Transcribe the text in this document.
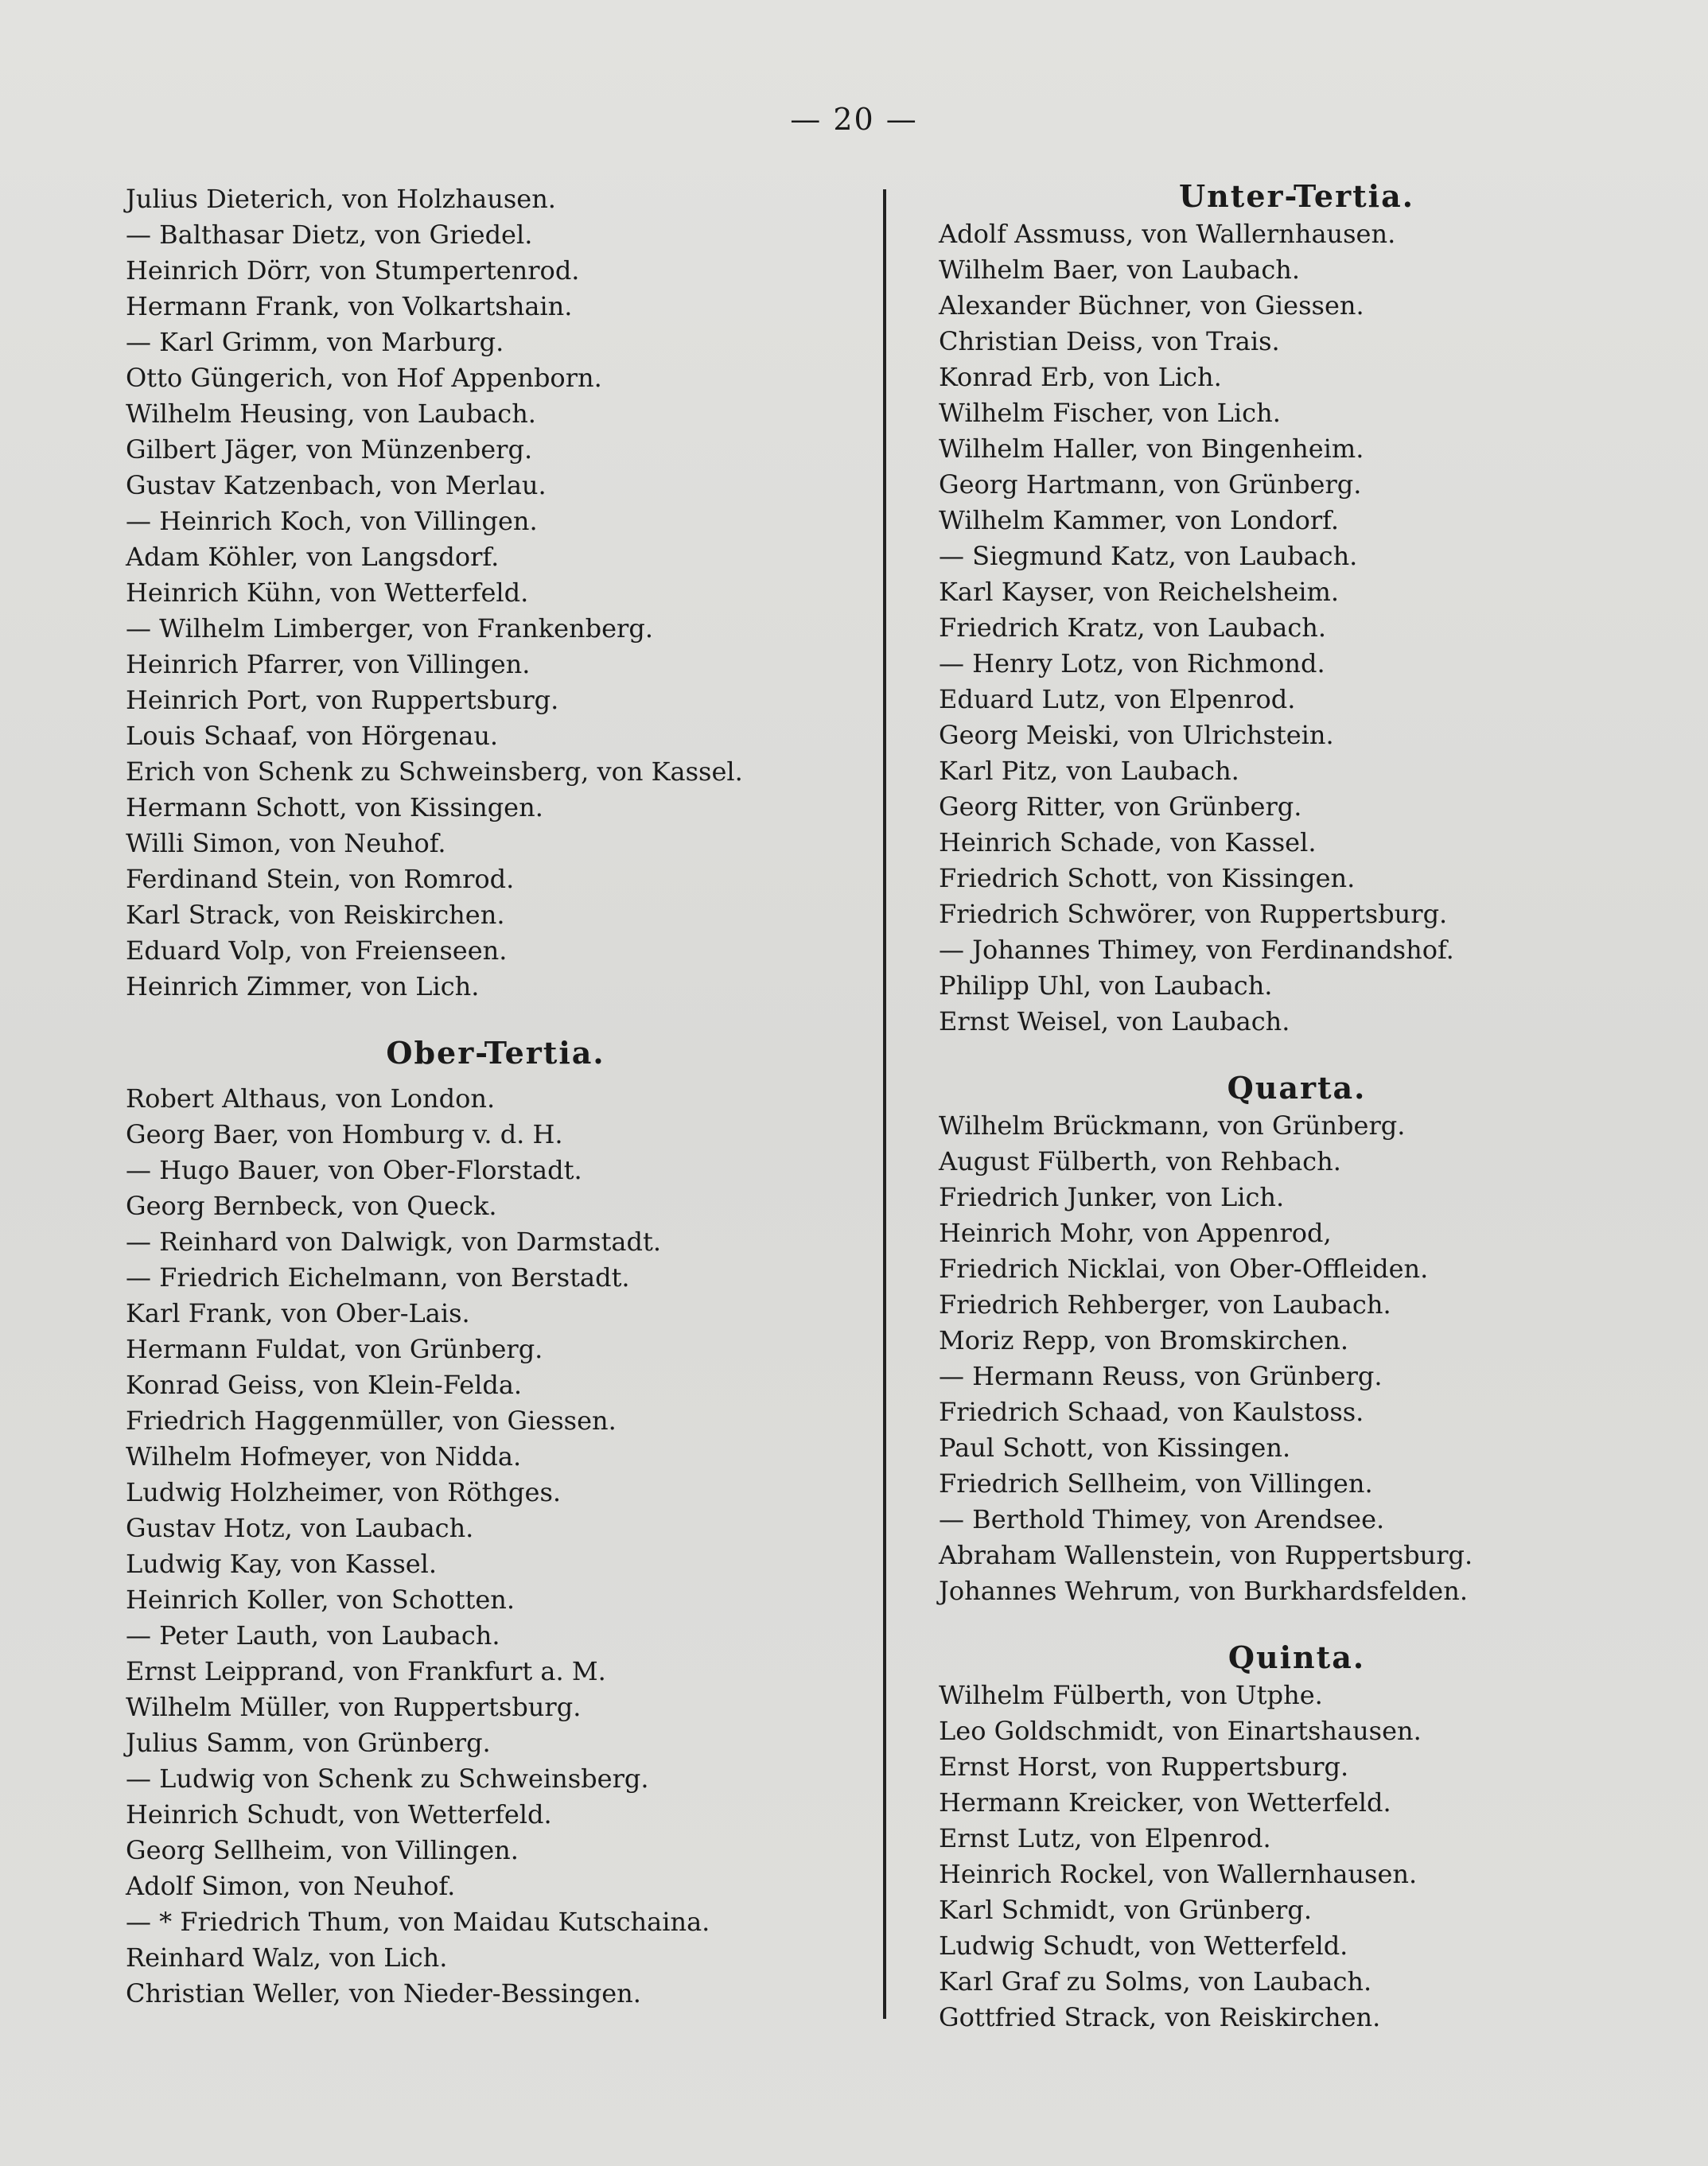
— 20 —
Julius Dieterich, von Holzhausen.
— Balthasar Dietz, von Griedel.
Heinrich Dörr, von Stumpertenrod.
Hermann Frank, von Volkartshain.
— Karl Grimm, von Marburg.
Otto Güngerich, von Hof Appenborn.
Wilhelm Heusing, von Laubach.
Gilbert Jäger, von Münzenberg.
Gustav Katzenbach, von Merlau.
— Heinrich Koch, von Villingen.
Adam Köhler, von Langsdorf.
Heinrich Kühn, von Wetterfeld.
— Wilhelm Limberger, von Frankenberg.
Heinrich Pfarrer, von Villingen.
Heinrich Port, von Ruppertsburg.
Louis Schaaf, von Hörgenau.
Erich von Schenk zu Schweinsberg, von Kassel.
Hermann Schott, von Kissingen.
Willi Simon, von Neuhof.
Ferdinand Stein, von Romrod.
Karl Strack, von Reiskirchen.
Eduard Volp, von Freienseen.
Heinrich Zimmer, von Lich.
Ober-Tertia.
Robert Althaus, von London.
Georg Baer, von Homburg v. d. H.
— Hugo Bauer, von Ober-Florstadt.
Georg Bernbeck, von Queck.
— Reinhard von Dalwigk, von Darmstadt.
— Friedrich Eichelmann, von Berstadt.
Karl Frank, von Ober-Lais.
Hermann Fuldat, von Grünberg.
Konrad Geiss, von Klein-Felda.
Friedrich Haggenmüller, von Giessen.
Wilhelm Hofmeyer, von Nidda.
Ludwig Holzheimer, von Röthges.
Gustav Hotz, von Laubach.
Ludwig Kay, von Kassel.
Heinrich Koller, von Schotten.
— Peter Lauth, von Laubach.
Ernst Leipprand, von Frankfurt a. M.
Wilhelm Müller, von Ruppertsburg.
Julius Samm, von Grünberg.
— Ludwig von Schenk zu Schweinsberg.
Heinrich Schudt, von Wetterfeld.
Georg Sellheim, von Villingen.
Adolf Simon, von Neuhof.
— * Friedrich Thum, von Maidau Kutschaina.
Reinhard Walz, von Lich.
Christian Weller, von Nieder-Bessingen.
Unter-Tertia.
Adolf Assmuss, von Wallernhausen.
Wilhelm Baer, von Laubach.
Alexander Büchner, von Giessen.
Christian Deiss, von Trais.
Konrad Erb, von Lich.
Wilhelm Fischer, von Lich.
Wilhelm Haller, von Bingenheim.
Georg Hartmann, von Grünberg.
Wilhelm Kammer, von Londorf.
— Siegmund Katz, von Laubach.
Karl Kayser, von Reichelsheim.
Friedrich Kratz, von Laubach.
— Henry Lotz, von Richmond.
Eduard Lutz, von Elpenrod.
Georg Meiski, von Ulrichstein.
Karl Pitz, von Laubach.
Georg Ritter, von Grünberg.
Heinrich Schade, von Kassel.
Friedrich Schott, von Kissingen.
Friedrich Schwörer, von Ruppertsburg.
— Johannes Thimey, von Ferdinandshof.
Philipp Uhl, von Laubach.
Ernst Weisel, von Laubach.
Quarta.
Wilhelm Brückmann, von Grünberg.
August Fülberth, von Rehbach.
Friedrich Junker, von Lich.
Heinrich Mohr, von Appenrod,
Friedrich Nicklai, von Ober-Offleiden.
Friedrich Rehberger, von Laubach.
Moriz Repp, von Bromskirchen.
— Hermann Reuss, von Grünberg.
Friedrich Schaad, von Kaulstoss.
Paul Schott, von Kissingen.
Friedrich Sellheim, von Villingen.
— Berthold Thimey, von Arendsee.
Abraham Wallenstein, von Ruppertsburg.
Johannes Wehrum, von Burkhardsfelden.
Quinta.
Wilhelm Fülberth, von Utphe.
Leo Goldschmidt, von Einartshausen.
Ernst Horst, von Ruppertsburg.
Hermann Kreicker, von Wetterfeld.
Ernst Lutz, von Elpenrod.
Heinrich Rockel, von Wallernhausen.
Karl Schmidt, von Grünberg.
Ludwig Schudt, von Wetterfeld.
Karl Graf zu Solms, von Laubach.
Gottfried Strack, von Reiskirchen.
